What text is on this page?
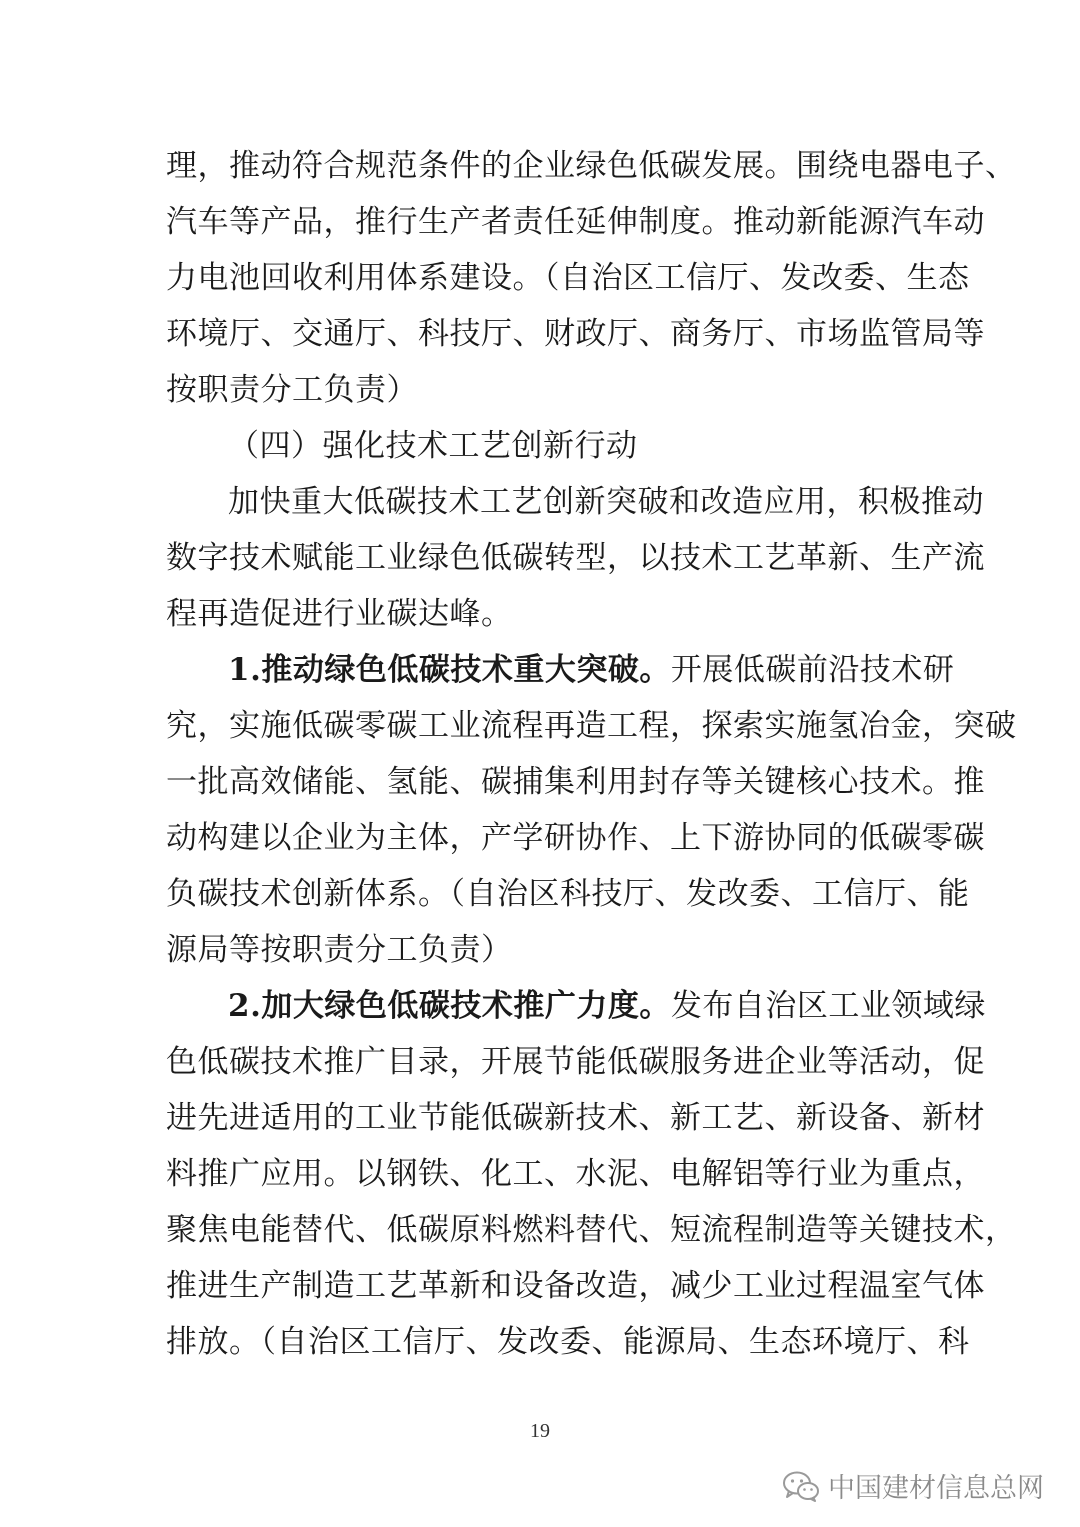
理，推动符合规范条件的企业绿色低碳发展。围绕电器电子、
汽车等产品，推行生产者责任延伸制度。推动新能源汽车动
力电池回收利用体系建设。（自治区工信厅、发改委、生态
环境厅、交通厅、科技厅、财政厅、商务厅、市场监管局等
按职责分工负责）
（四）强化技术工艺创新行动
加快重大低碳技术工艺创新突破和改造应用，积极推动
数字技术赋能工业绿色低碳转型，以技术工艺革新、生产流
程再造促进行业碳达峰。
1.推动绿色低碳技术重大突破。开展低碳前沿技术研
究，实施低碳零碳工业流程再造工程，探索实施氢冶金，突破
一批高效储能、氢能、碳捕集利用封存等关键核心技术。推
动构建以企业为主体，产学研协作、上下游协同的低碳零碳
负碳技术创新体系。（自治区科技厅、发改委、工信厅、能
源局等按职责分工负责）
2.加大绿色低碳技术推广力度。发布自治区工业领域绿
色低碳技术推广目录，开展节能低碳服务进企业等活动，促
进先进适用的工业节能低碳新技术、新工艺、新设备、新材
料推广应用。以钢铁、化工、水泥、电解铝等行业为重点，
聚焦电能替代、低碳原料燃料替代、短流程制造等关键技术，
推进生产制造工艺革新和设备改造，减少工业过程温室气体
排放。（自治区工信厅、发改委、能源局、生态环境厅、科
19
中国建材信息总网
